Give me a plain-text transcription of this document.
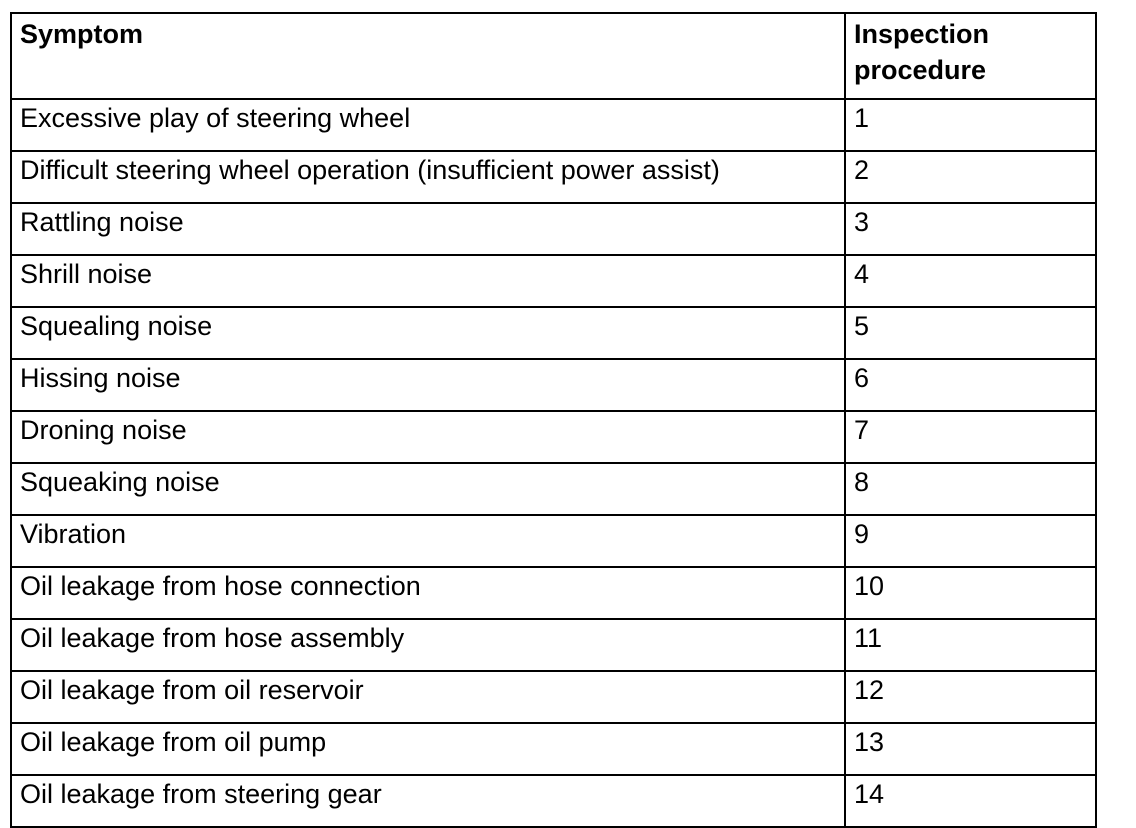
Symptom	Inspection
procedure
Excessive play of steering wheel	1
Difficult steering wheel operation (insufficient power assist)	2
Rattling noise	3
Shrill noise	4
Squealing noise	5
Hissing noise	6
Droning noise	7
Squeaking noise	8
Vibration	9
Oil leakage from hose connection	10
Oil leakage from hose assembly	11
Oil leakage from oil reservoir	12
Oil leakage from oil pump	13
Oil leakage from steering gear	14
